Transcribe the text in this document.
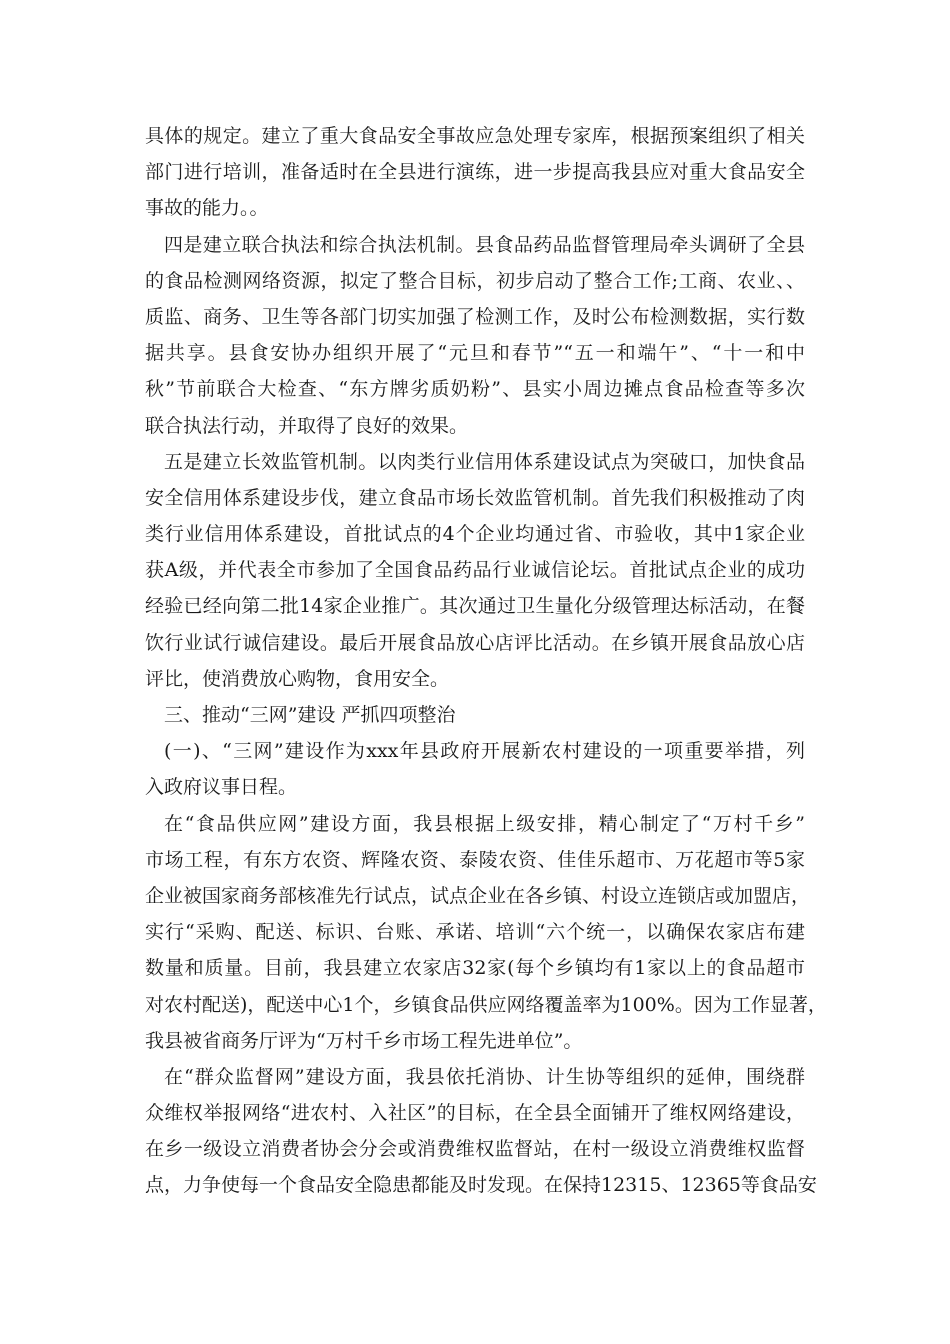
具体的规定。建立了重大食品安全事故应急处理专家库，根据预案组织了相关
部门进行培训，准备适时在全县进行演练，进一步提高我县应对重大食品安全
事故的能力。。
四是建立联合执法和综合执法机制。县食品药品监督管理局牵头调研了全县
的食品检测网络资源，拟定了整合目标，初步启动了整合工作;工商、农业、、
质监、商务、卫生等各部门切实加强了检测工作，及时公布检测数据，实行数
据共享。县食安协办组织开展了“元旦和春节”“五一和端午”、“十一和中
秋”节前联合大检查、“东方牌劣质奶粉”、县实小周边摊点食品检查等多次
联合执法行动，并取得了良好的效果。
五是建立长效监管机制。以肉类行业信用体系建设试点为突破口，加快食品
安全信用体系建设步伐，建立食品市场长效监管机制。首先我们积极推动了肉
类行业信用体系建设，首批试点的4个企业均通过省、市验收，其中1家企业
获A级，并代表全市参加了全国食品药品行业诚信论坛。首批试点企业的成功
经验已经向第二批14家企业推广。其次通过卫生量化分级管理达标活动，在餐
饮行业试行诚信建设。最后开展食品放心店评比活动。在乡镇开展食品放心店
评比，使消费放心购物，食用安全。
三、推动“三网”建设 严抓四项整治
(一)、“三网”建设作为xxx年县政府开展新农村建设的一项重要举措，列
入政府议事日程。
在“食品供应网”建设方面，我县根据上级安排，精心制定了“万村千乡”
市场工程，有东方农资、辉隆农资、泰陵农资、佳佳乐超市、万花超市等5家
企业被国家商务部核准先行试点，试点企业在各乡镇、村设立连锁店或加盟店，
实行“采购、配送、标识、台账、承诺、培训“六个统一，以确保农家店布建
数量和质量。目前，我县建立农家店32家(每个乡镇均有1家以上的食品超市
对农村配送)，配送中心1个，乡镇食品供应网络覆盖率为100%。因为工作显著，
我县被省商务厅评为“万村千乡市场工程先进单位”。
在“群众监督网”建设方面，我县依托消协、计生协等组织的延伸，围绕群
众维权举报网络“进农村、入社区”的目标，在全县全面铺开了维权网络建设，
在乡一级设立消费者协会分会或消费维权监督站，在村一级设立消费维权监督
点，力争使每一个食品安全隐患都能及时发现。在保持12315、12365等食品安
